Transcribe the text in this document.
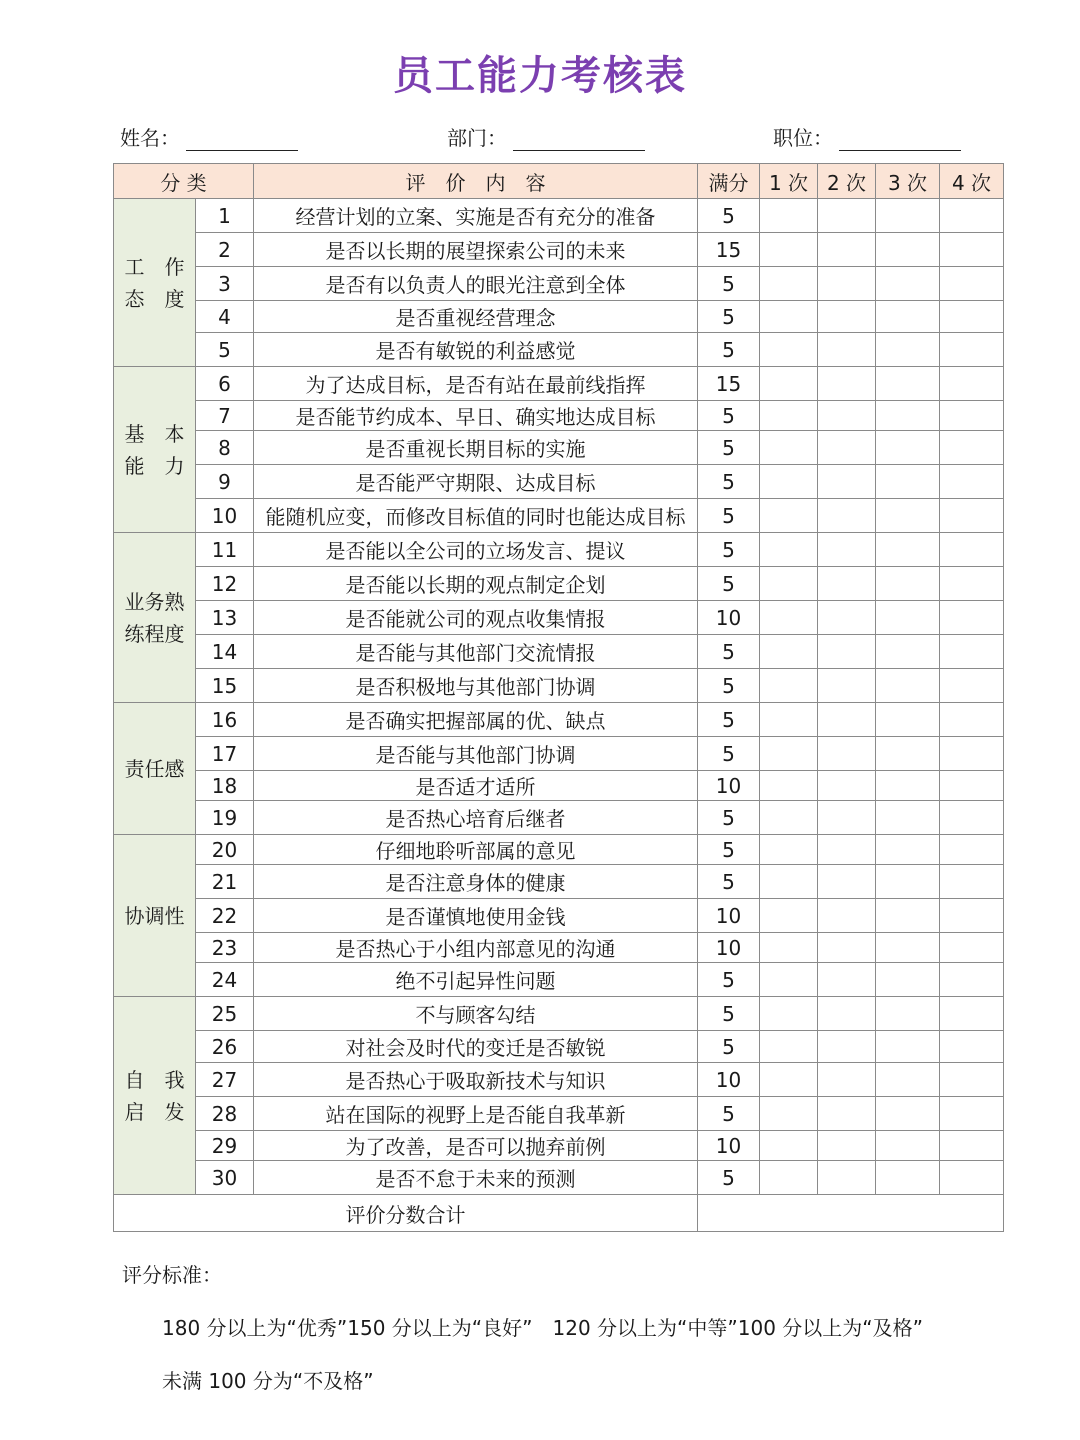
员工能力考核表
姓名：	部门：	职位：
分 类		评　价　内　容	满分	1 次	2 次	3 次	4 次
工　作
态　度	1	经营计划的立案、实施是否有充分的准备	5				
	2	是否以长期的展望探索公司的未来	15				
	3	是否有以负责人的眼光注意到全体	5				
	4	是否重视经营理念	5				
	5	是否有敏锐的利益感觉	5				
基　本
能　力	6	为了达成目标，是否有站在最前线指挥	15				
	7	是否能节约成本、早日、确实地达成目标	5				
	8	是否重视长期目标的实施	5				
	9	是否能严守期限、达成目标	5				
	10	能随机应变，而修改目标值的同时也能达成目标	5				
业务熟
练程度	11	是否能以全公司的立场发言、提议	5				
	12	是否能以长期的观点制定企划	5				
	13	是否能就公司的观点收集情报	10				
	14	是否能与其他部门交流情报	5				
	15	是否积极地与其他部门协调	5				
责任感	16	是否确实把握部属的优、缺点	5				
	17	是否能与其他部门协调	5				
	18	是否适才适所	10				
	19	是否热心培育后继者	5				
协调性	20	仔细地聆听部属的意见	5				
	21	是否注意身体的健康	5				
	22	是否谨慎地使用金钱	10				
	23	是否热心于小组内部意见的沟通	10				
	24	绝不引起异性问题	5				
自　我
启　发	25	不与顾客勾结	5				
	26	对社会及时代的变迁是否敏锐	5				
	27	是否热心于吸取新技术与知识	10				
	28	站在国际的视野上是否能自我革新	5				
	29	为了改善，是否可以抛弃前例	10				
	30	是否不怠于未来的预测	5				
评价分数合计							
评分标准：
180 分以上为“优秀”150 分以上为“良好”　120 分以上为“中等”100 分以上为“及格”
未满 100 分为“不及格”
